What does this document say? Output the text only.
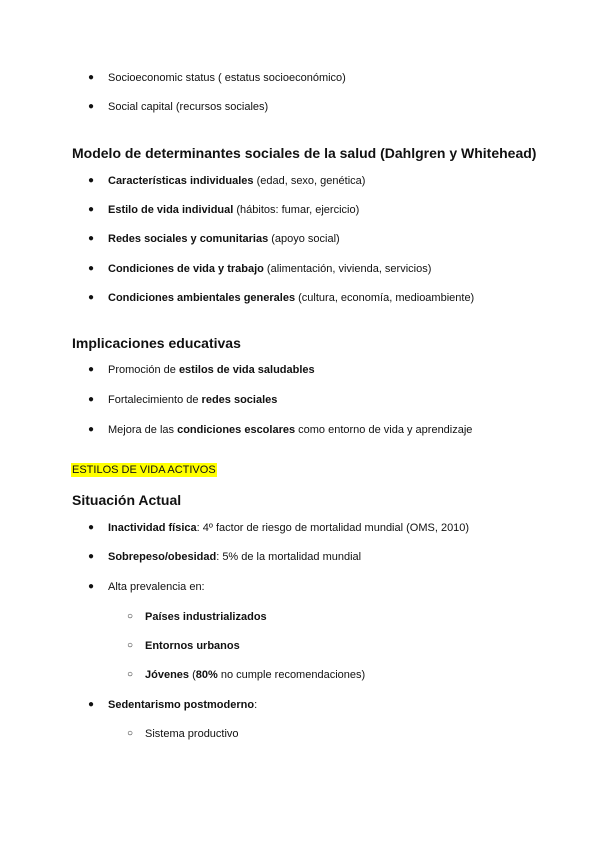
● Socioeconomic status ( estatus socioeconómico)
● Social capital (recursos sociales)
Modelo de determinantes sociales de la salud (Dahlgren y Whitehead)
● Características individuales (edad, sexo, genética)
● Estilo de vida individual (hábitos: fumar, ejercicio)
● Redes sociales y comunitarias (apoyo social)
● Condiciones de vida y trabajo (alimentación, vivienda, servicios)
● Condiciones ambientales generales (cultura, economía, medioambiente)
Implicaciones educativas
● Promoción de estilos de vida saludables
● Fortalecimiento de redes sociales
● Mejora de las condiciones escolares como entorno de vida y aprendizaje
ESTILOS DE VIDA ACTIVOS
Situación Actual
● Inactividad física: 4º factor de riesgo de mortalidad mundial (OMS, 2010)
● Sobrepeso/obesidad: 5% de la mortalidad mundial
● Alta prevalencia en:
○ Países industrializados
○ Entornos urbanos
○ Jóvenes (80% no cumple recomendaciones)
● Sedentarismo postmoderno:
○ Sistema productivo
